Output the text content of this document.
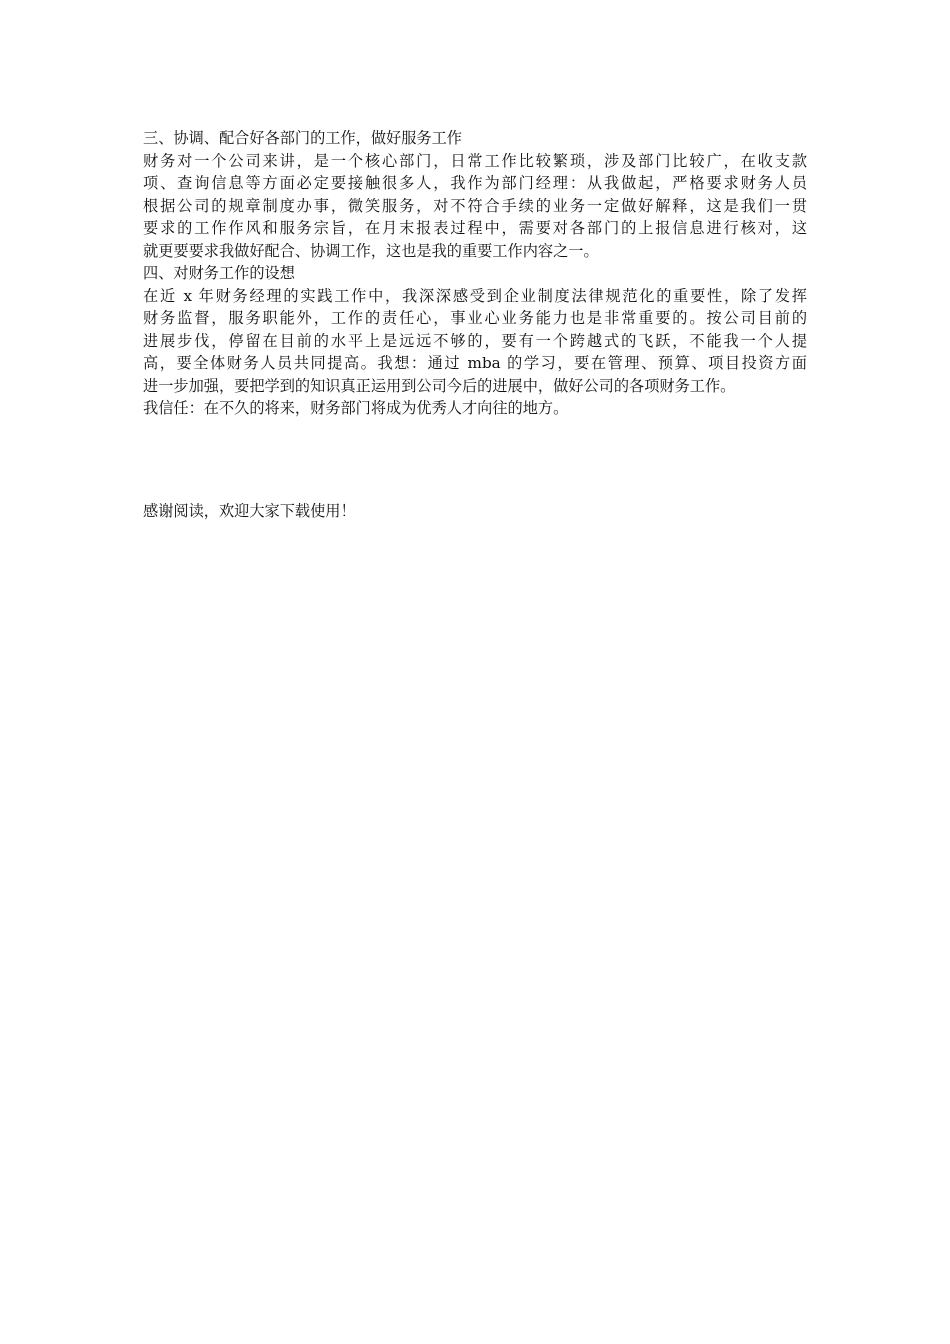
三、协调、配合好各部门的工作，做好服务工作
财务对一个公司来讲，是一个核心部门，日常工作比较繁琐，涉及部门比较广，在收支款
项、查询信息等方面必定要接触很多人，我作为部门经理：从我做起，严格要求财务人员
根据公司的规章制度办事，微笑服务，对不符合手续的业务一定做好解释，这是我们一贯
要求的工作作风和服务宗旨，在月末报表过程中，需要对各部门的上报信息进行核对，这
就更要要求我做好配合、协调工作，这也是我的重要工作内容之一。
四、对财务工作的设想
在近 x 年财务经理的实践工作中，我深深感受到企业制度法律规范化的重要性，除了发挥
财务监督，服务职能外，工作的责任心，事业心业务能力也是非常重要的。按公司目前的
进展步伐，停留在目前的水平上是远远不够的，要有一个跨越式的飞跃，不能我一个人提
高，要全体财务人员共同提高。我想：通过 mba 的学习，要在管理、预算、项目投资方面
进一步加强，要把学到的知识真正运用到公司今后的进展中，做好公司的各项财务工作。
我信任：在不久的将来，财务部门将成为优秀人才向往的地方。
感谢阅读，欢迎大家下载使用！
